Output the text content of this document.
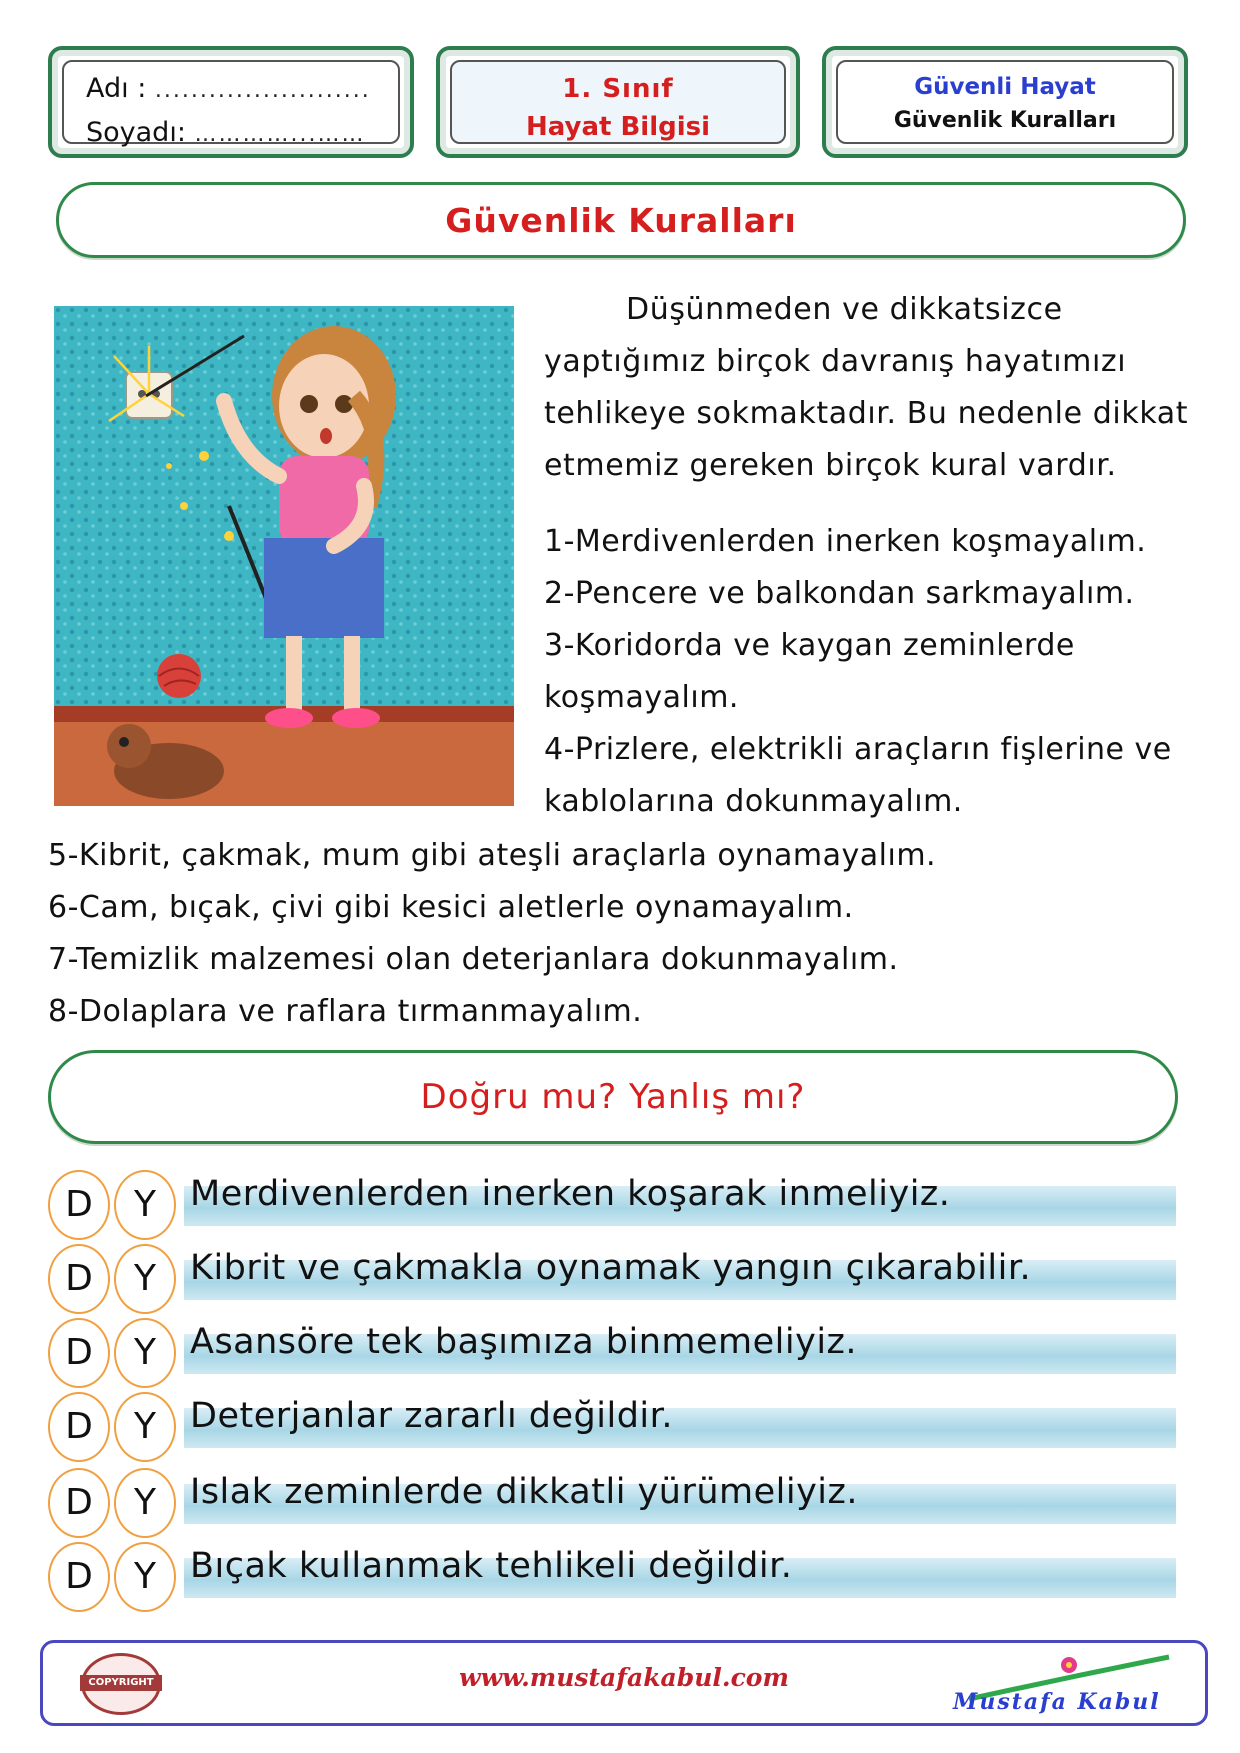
Adı : ........................
Soyadı: …………...……
1. Sınıf
Hayat Bilgisi
Güvenli Hayat
Güvenlik Kuralları
Güvenlik Kuralları
Düşünmeden ve dikkatsizce
yaptığımız birçok davranış hayatımızı
tehlikeye sokmaktadır. Bu nedenle dikkat
etmemiz gereken birçok kural vardır.
1-Merdivenlerden inerken koşmayalım.
2-Pencere ve balkondan sarkmayalım.
3-Koridorda ve kaygan zeminlerde
koşmayalım.
4-Prizlere, elektrikli araçların fişlerine ve
kablolarına dokunmayalım.
5-Kibrit, çakmak, mum gibi ateşli araçlarla oynamayalım.
6-Cam, bıçak, çivi gibi kesici aletlerle oynamayalım.
7-Temizlik malzemesi olan deterjanlara dokunmayalım.
8-Dolaplara ve raflara tırmanmayalım.
Doğru mu? Yanlış mı?
D	Y Merdivenlerden inerken koşarak inmeliyiz.
D	Y Kibrit ve çakmakla oynamak yangın çıkarabilir.
D	Y Asansöre tek başımıza binmemeliyiz.
D	Y Deterjanlar zararlı değildir.
D	Y Islak zeminlerde dikkatli yürümeliyiz.
D	Y Bıçak kullanmak tehlikeli değildir.
COPYRIGHT	www.mustafakabul.com
Mustafa Kabul
